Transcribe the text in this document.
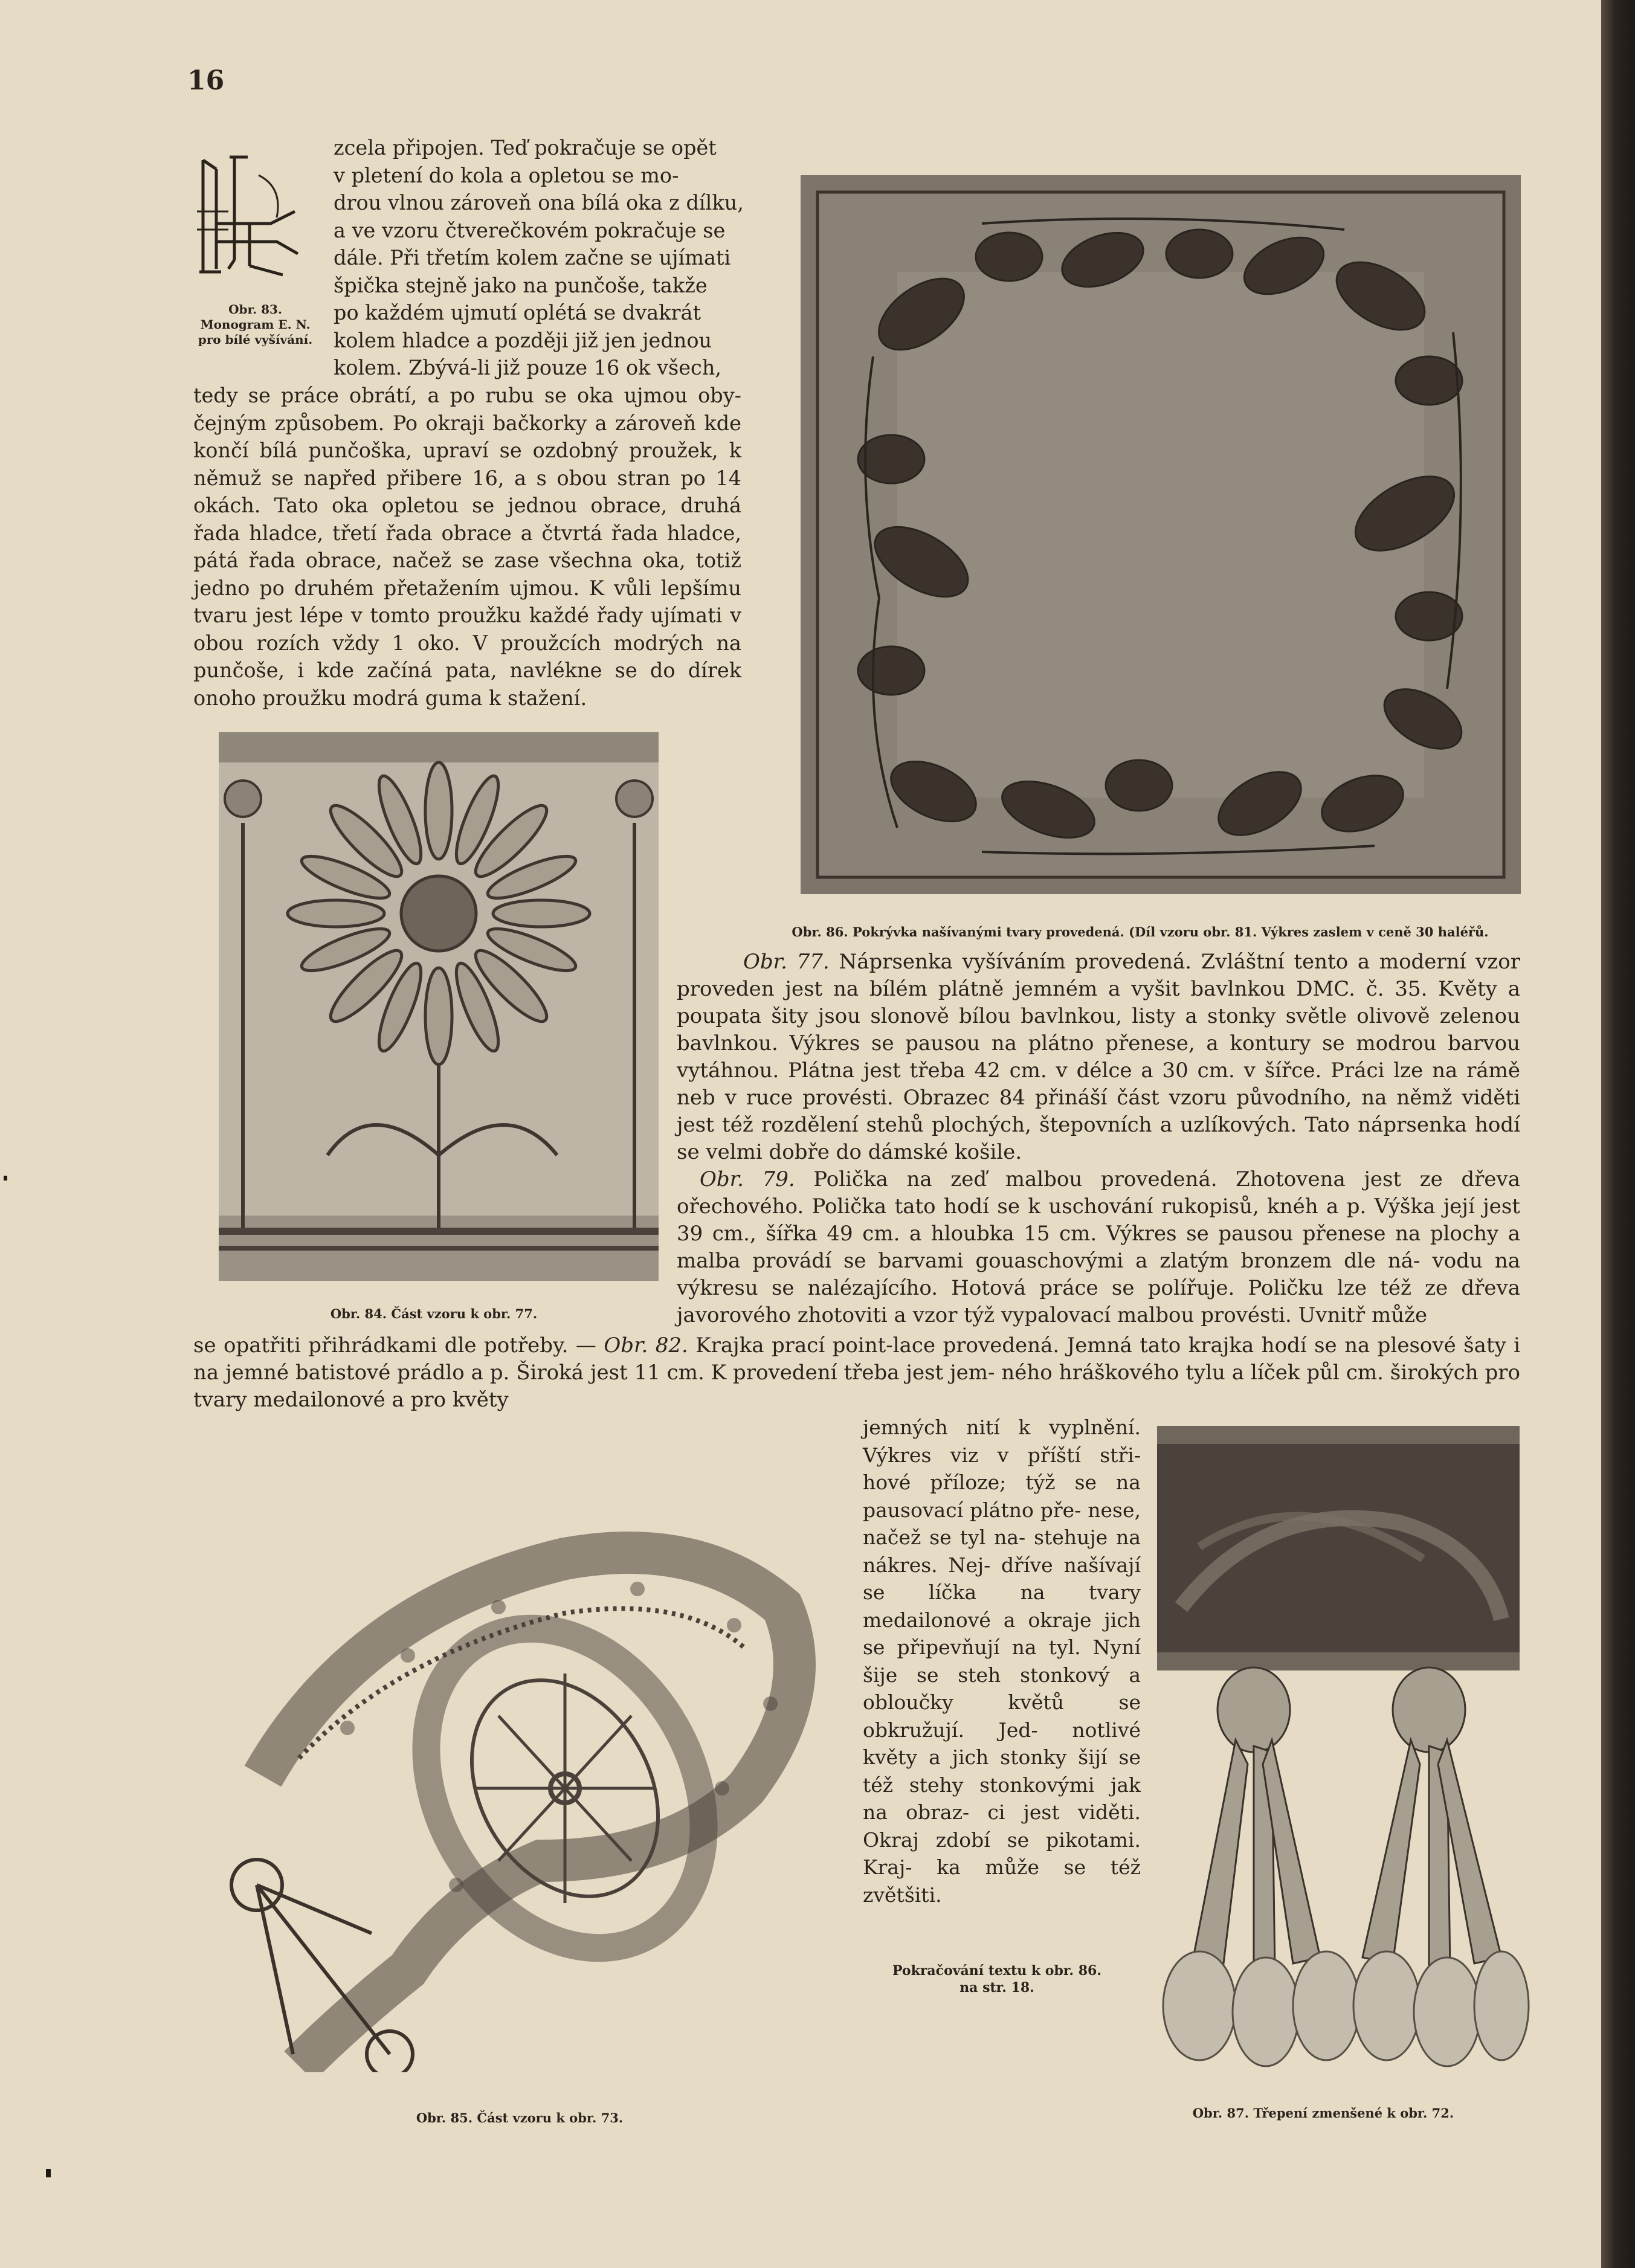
16
Obr. 83.
Monogram E. N.
pro bílé vyšívání.

zcela připojen. Teď pokračuje se opět

v pletení do kola a opletou se mo-

drou vlnou zároveň ona bílá oka z dílku,

a ve vzoru čtverečkovém pokračuje se

dále. Při třetím kolem začne se ujímati

špička stejně jako na punčoše, takže

po každém ujmutí oplétá se dvakrát

kolem hladce a později již jen jednou

kolem. Zbývá-li již pouze 16 ok všech,

tedy se práce obrátí, a po rubu se oka ujmou oby- čejným způsobem. Po okraji bačkorky a zároveň kde končí bílá punčoška, upraví se ozdobný proužek, k němuž se napřed přibere 16, a s obou stran po 14 okách. Tato oka opletou se jednou obrace, druhá řada hladce, třetí řada obrace a čtvrtá řada hladce, pátá řada obrace, načež se zase všechna oka, totiž jedno po druhém přetažením ujmou. K vůli lepšímu tvaru jest lépe v tomto proužku každé řady ujímati v obou rozích vždy 1 oko. V proužcích modrých na punčoše, i kde začíná pata, navlékne se do dírek onoho proužku modrá guma k stažení.

Obr. 86. Pokrývka našívanými tvary provedená. (Díl vzoru obr. 81. Výkres zaslem v ceně 30 haléřů.

Obr. 77. Náprsenka vyšíváním provedená. Zvláštní tento a moderní vzor proveden jest na bílém plátně jemném a vyšit bavlnkou DMC. č. 35. Květy a poupata šity jsou slonově bílou bavlnkou, listy a stonky světle olivově zelenou bavlnkou. Výkres se pausou na plátno přenese, a kontury se modrou barvou vytáhnou. Plátna jest třeba 42 cm. v délce a 30 cm. v šířce. Práci lze na rámě neb v ruce provésti. Obrazec 84 přináší část vzoru původního, na němž viděti jest též rozdělení stehů plochých, štepovních a uzlíkových. Tato náprsenka hodí se velmi dobře do dámské košile.

Obr. 79. Polička na zeď malbou provedená. Zhotovena jest ze dřeva ořechového. Polička tato hodí se k uschování rukopisů, knéh a p. Výška její jest 39 cm., šířka 49 cm. a hloubka 15 cm. Výkres se pausou přenese na plochy a malba provádí se barvami gouaschovými a zlatým bronzem dle ná- vodu na výkresu se nalézajícího. Hotová práce se polířuje. Poličku lze též ze dřeva javorového zhotoviti a vzor týž vypalovací malbou provésti. Uvnitř může

Obr. 84. Část vzoru k obr. 77.

se opatřiti přihrádkami dle potřeby. — Obr. 82. Krajka prací point-lace provedená. Jemná tato krajka hodí se na plesové šaty i na jemné batistové prádlo a p. Široká jest 11 cm. K provedení třeba jest jem- ného hráškového tylu a líček půl cm. širokých pro tvary medailonové a pro květy

jemných nití k vyplnění. Výkres viz v příští stři- hové příloze; týž se na pausovací plátno pře- nese, načež se tyl na- stehuje na nákres. Nej- dříve našívají se líčka na tvary medailonové a okraje jich se připevňují na tyl. Nyní šije se steh stonkový a obloučky květů se obkružují. Jed- notlivé květy a jich stonky šijí se též stehy stonkovými jak na obraz- ci jest viděti. Okraj zdobí se pikotami. Kraj- ka může se též zvětšiti.

Obr. 85. Část vzoru k obr. 73.
Pokračování textu k obr. 86.
na str. 18.
Obr. 87. Třepení zmenšené k obr. 72.
